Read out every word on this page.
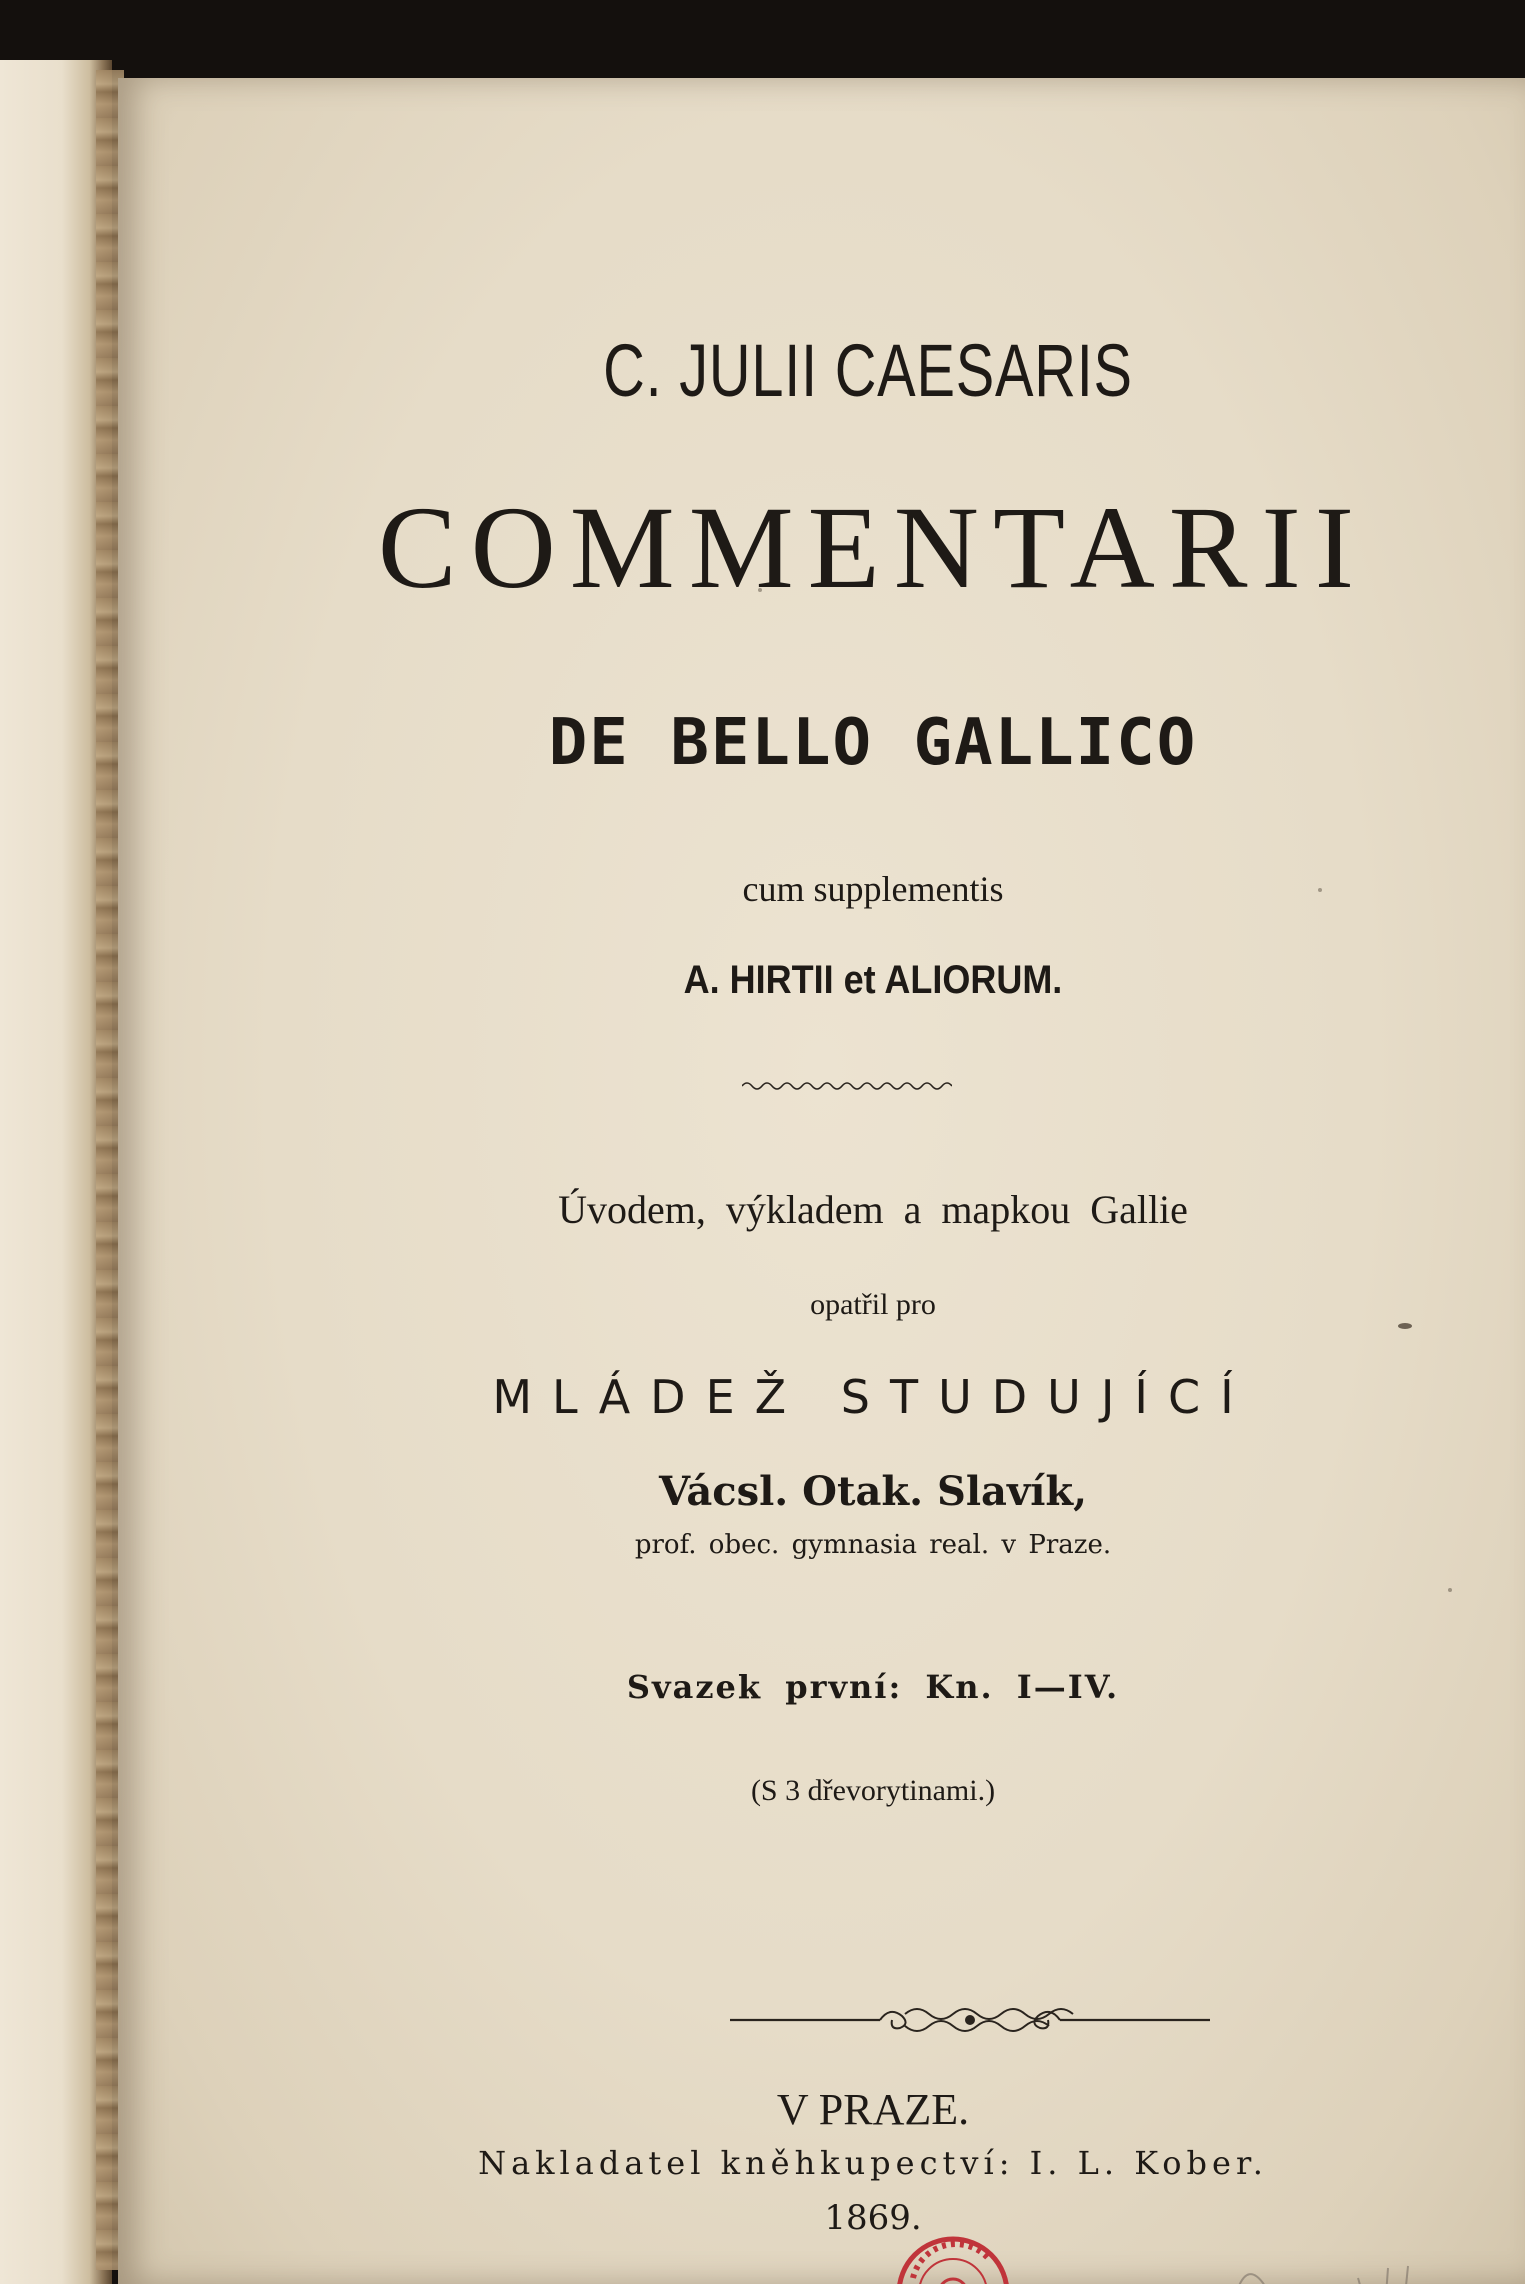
C. JULII CAESARIS
COMMENTARII
DE BELLO GALLICO
cum supplementis
A. HIRTII et ALIORUM.
Úvodem, výkladem a mapkou Gallie
opatřil pro
MLÁDEŽ STUDUJÍCÍ
Vácsl. Otak. Slavík,
prof. obec. gymnasia real. v Praze.
Svazek první: Kn. I—IV.
(S 3 dřevorytinami.)
V PRAZE.
Nakladatel kněhkupectví: I. L. Kober.
1869.
